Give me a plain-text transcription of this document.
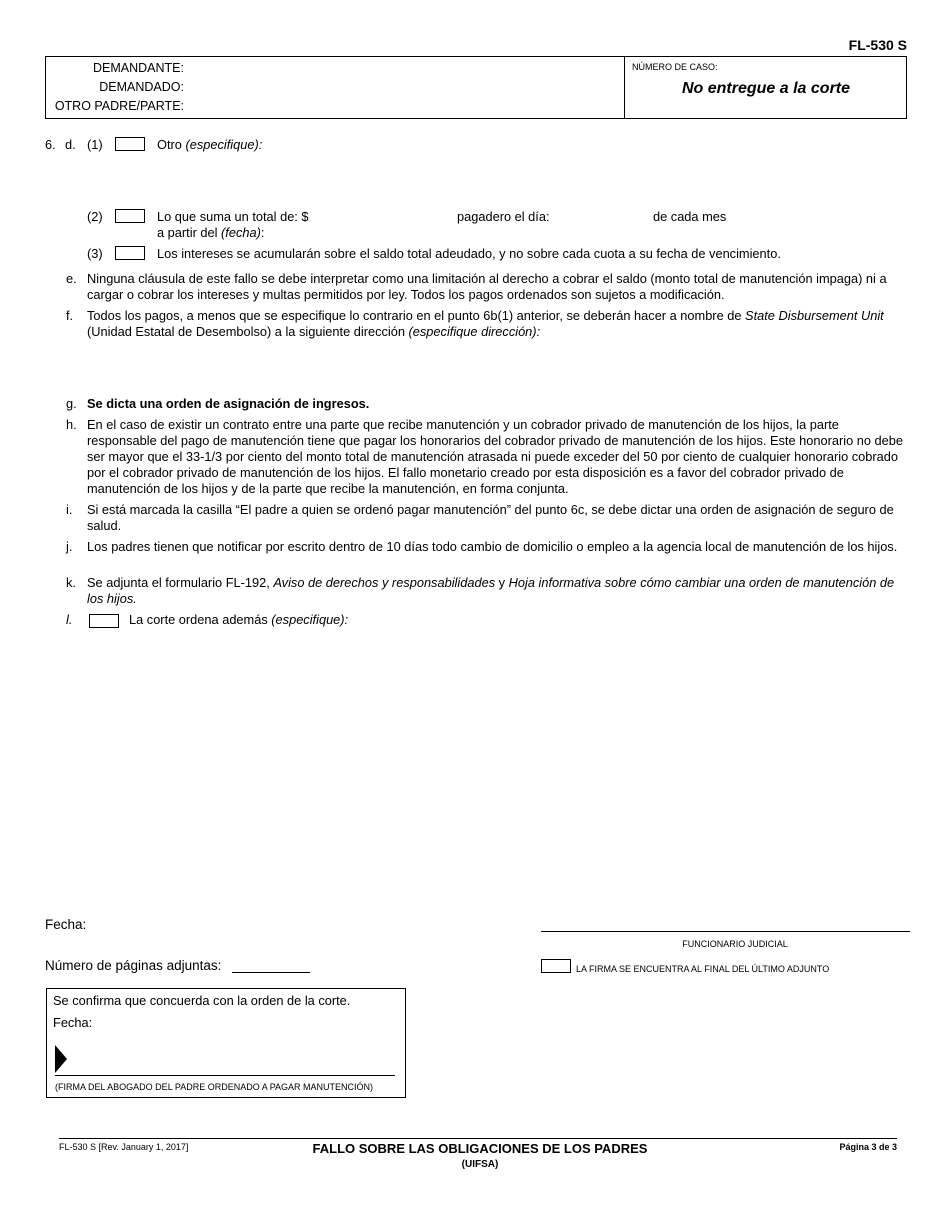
FL-530 S
DEMANDANTE:
DEMANDADO:
OTRO PADRE/PARTE:
NÚMERO DE CASO:
No entregue a la corte
6. d. (1)	Otro (especifique):
(2)	Lo que suma un total de: $	pagadero el día:	de cada mes
a partir del (fecha):
(3)	Los intereses se acumularán sobre el saldo total adeudado, y no sobre cada cuota a su fecha de vencimiento.
e. Ninguna cláusula de este fallo se debe interpretar como una limitación al derecho a cobrar el saldo (monto total de manutención impaga) ni a cargar o cobrar los intereses y multas permitidos por ley. Todos los pagos ordenados son sujetos a modificación.
f. Todos los pagos, a menos que se especifique lo contrario en el punto 6b(1) anterior, se deberán hacer a nombre de State Disbursement Unit (Unidad Estatal de Desembolso) a la siguiente dirección (especifique dirección):
g. Se dicta una orden de asignación de ingresos.
h. En el caso de existir un contrato entre una parte que recibe manutención y un cobrador privado de manutención de los hijos, la parte responsable del pago de manutención tiene que pagar los honorarios del cobrador privado de manutención de los hijos. Este honorario no debe ser mayor que el 33-1/3 por ciento del monto total de manutención atrasada ni puede exceder del 50 por ciento de cualquier honorario cobrado por el cobrador privado de manutención de los hijos. El fallo monetario creado por esta disposición es a favor del cobrador privado de manutención de los hijos y de la parte que recibe la manutención, en forma conjunta.
i. Si está marcada la casilla “El padre a quien se ordenó pagar manutención” del punto 6c, se debe dictar una orden de asignación de seguro de salud.
j. Los padres tienen que notificar por escrito dentro de 10 días todo cambio de domicilio o empleo a la agencia local de manutención de los hijos.
k. Se adjunta el formulario FL-192, Aviso de derechos y responsabilidades y Hoja informativa sobre cómo cambiar una orden de manutención de los hijos.
l.	La corte ordena además (especifique):
Fecha:
FUNCIONARIO JUDICIAL
Número de páginas adjuntas:	LA FIRMA SE ENCUENTRA AL FINAL DEL ÚLTIMO ADJUNTO
Se confirma que concuerda con la orden de la corte.
Fecha:
(FIRMA DEL ABOGADO DEL PADRE ORDENADO A PAGAR MANUTENCIÓN)
FL-530 S [Rev. January 1, 2017]	FALLO SOBRE LAS OBLIGACIONES DE LOS PADRES
(UIFSA)
Página 3 de 3
